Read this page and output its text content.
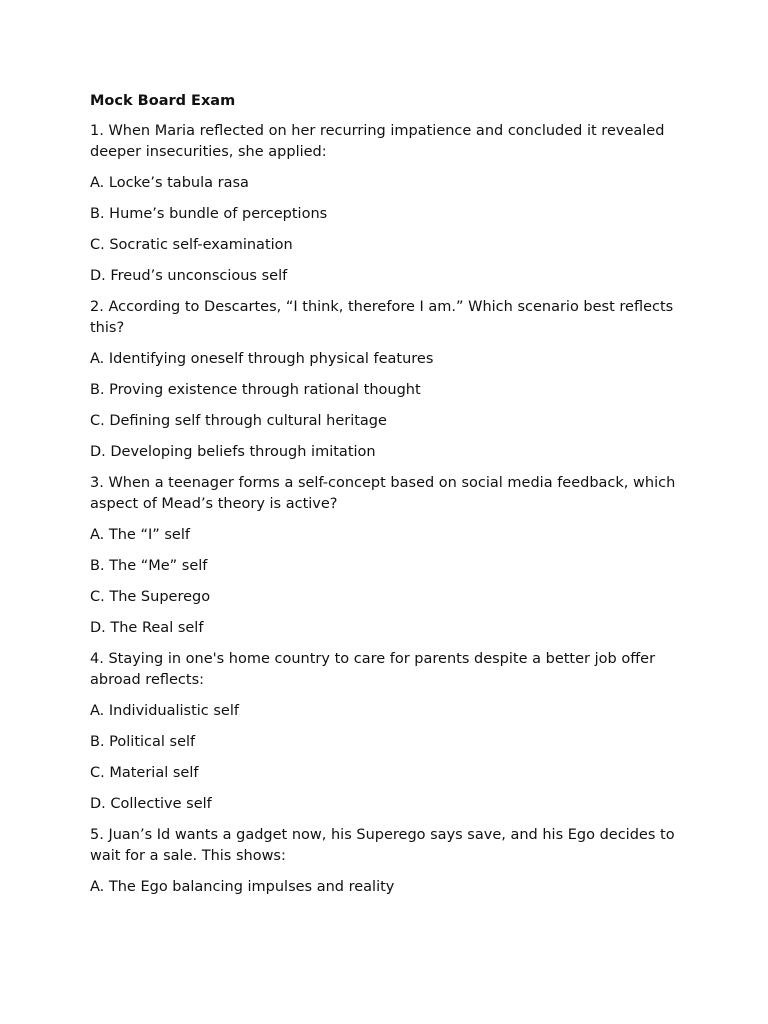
Mock Board Exam
1. When Maria reflected on her recurring impatience and concluded it revealed deeper insecurities, she applied:
A. Locke’s tabula rasa
B. Hume’s bundle of perceptions
C. Socratic self-examination
D. Freud’s unconscious self
2. According to Descartes, “I think, therefore I am.” Which scenario best reflects this?
A. Identifying oneself through physical features
B. Proving existence through rational thought
C. Defining self through cultural heritage
D. Developing beliefs through imitation
3. When a teenager forms a self-concept based on social media feedback, which aspect of Mead’s theory is active?
A. The “I” self
B. The “Me” self
C. The Superego
D. The Real self
4. Staying in one's home country to care for parents despite a better job offer abroad reflects:
A. Individualistic self
B. Political self
C. Material self
D. Collective self
5. Juan’s Id wants a gadget now, his Superego says save, and his Ego decides to wait for a sale. This shows:
A. The Ego balancing impulses and reality
